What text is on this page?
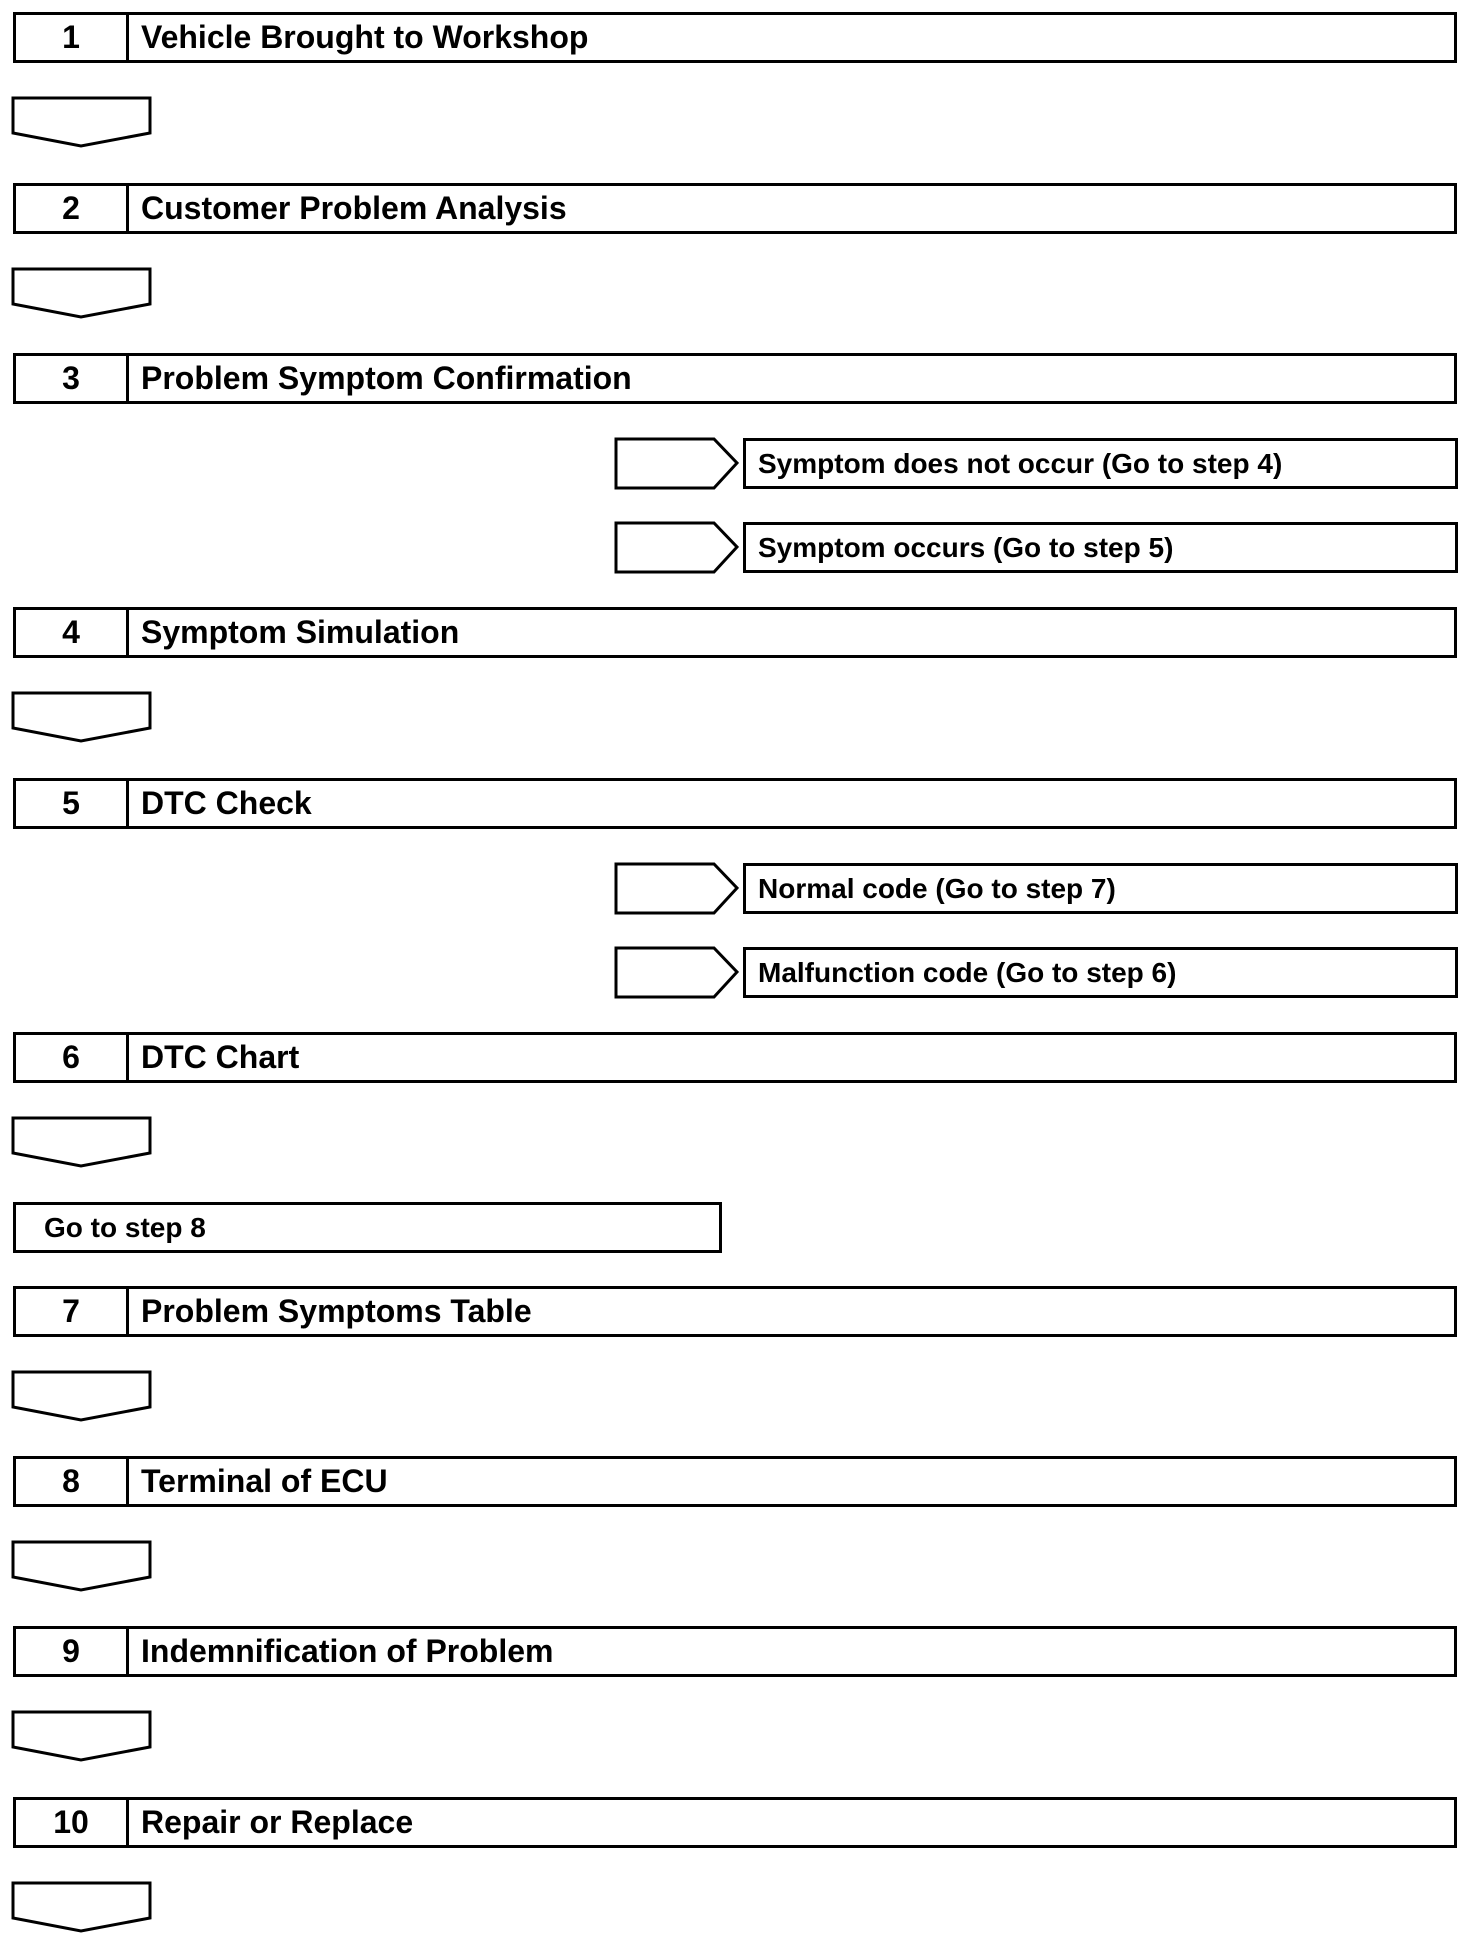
1	Vehicle Brought to Workshop
2	Customer Problem Analysis
3	Problem Symptom Confirmation
Symptom does not occur (Go to step 4)
Symptom occurs (Go to step 5)
4	Symptom Simulation
5	DTC Check
Normal code (Go to step 7)
Malfunction code (Go to step 6)
6	DTC Chart
Go to step 8
7	Problem Symptoms Table
8	Terminal of ECU
9	Indemnification of Problem
10	Repair or Replace
